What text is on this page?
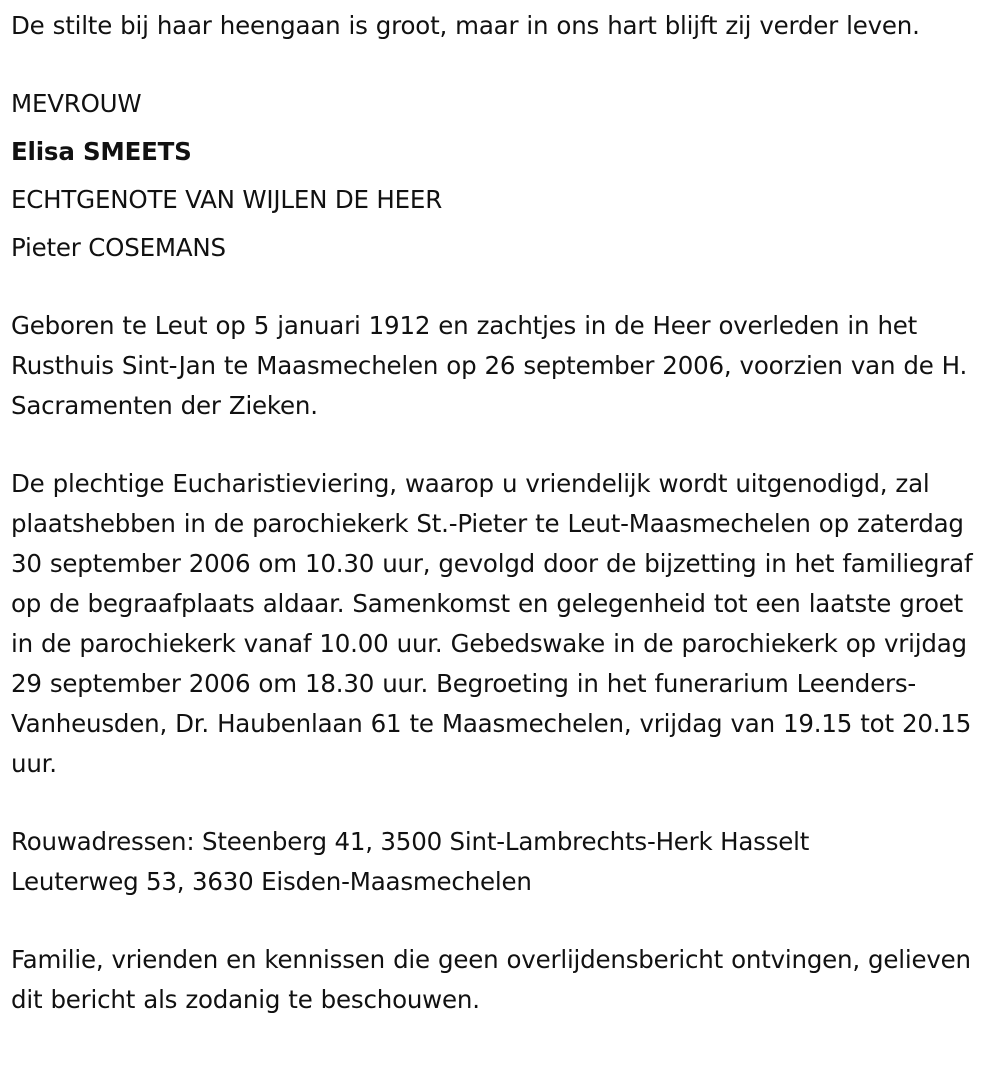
De stilte bij haar heengaan is groot, maar in ons hart blijft zij verder leven.

MEVROUW

Elisa SMEETS

ECHTGENOTE VAN WIJLEN DE HEER

Pieter COSEMANS

Geboren te Leut op 5 januari 1912 en zachtjes in de Heer overleden in het Rusthuis Sint-Jan te Maasmechelen op 26 september 2006, voorzien van de H. Sacramenten der Zieken.

De plechtige Eucharistieviering, waarop u vriendelijk wordt uitgenodigd, zal plaatshebben in de parochiekerk St.-Pieter te Leut-Maasmechelen op zaterdag 30 september 2006 om 10.30 uur, gevolgd door de bijzetting in het familiegraf op de begraafplaats aldaar. Samenkomst en gelegenheid tot een laatste groet in de parochiekerk vanaf 10.00 uur. Gebedswake in de parochiekerk op vrijdag 29 september 2006 om 18.30 uur. Begroeting in het funerarium Leenders-Vanheusden, Dr. Haubenlaan 61 te Maasmechelen, vrijdag van 19.15 tot 20.15 uur.

Rouwadressen: Steenberg 41, 3500 Sint-Lambrechts-Herk Hasselt

Leuterweg 53, 3630 Eisden-Maasmechelen

Familie, vrienden en kennissen die geen overlijdensbericht ontvingen, gelieven dit bericht als zodanig te beschouwen.
